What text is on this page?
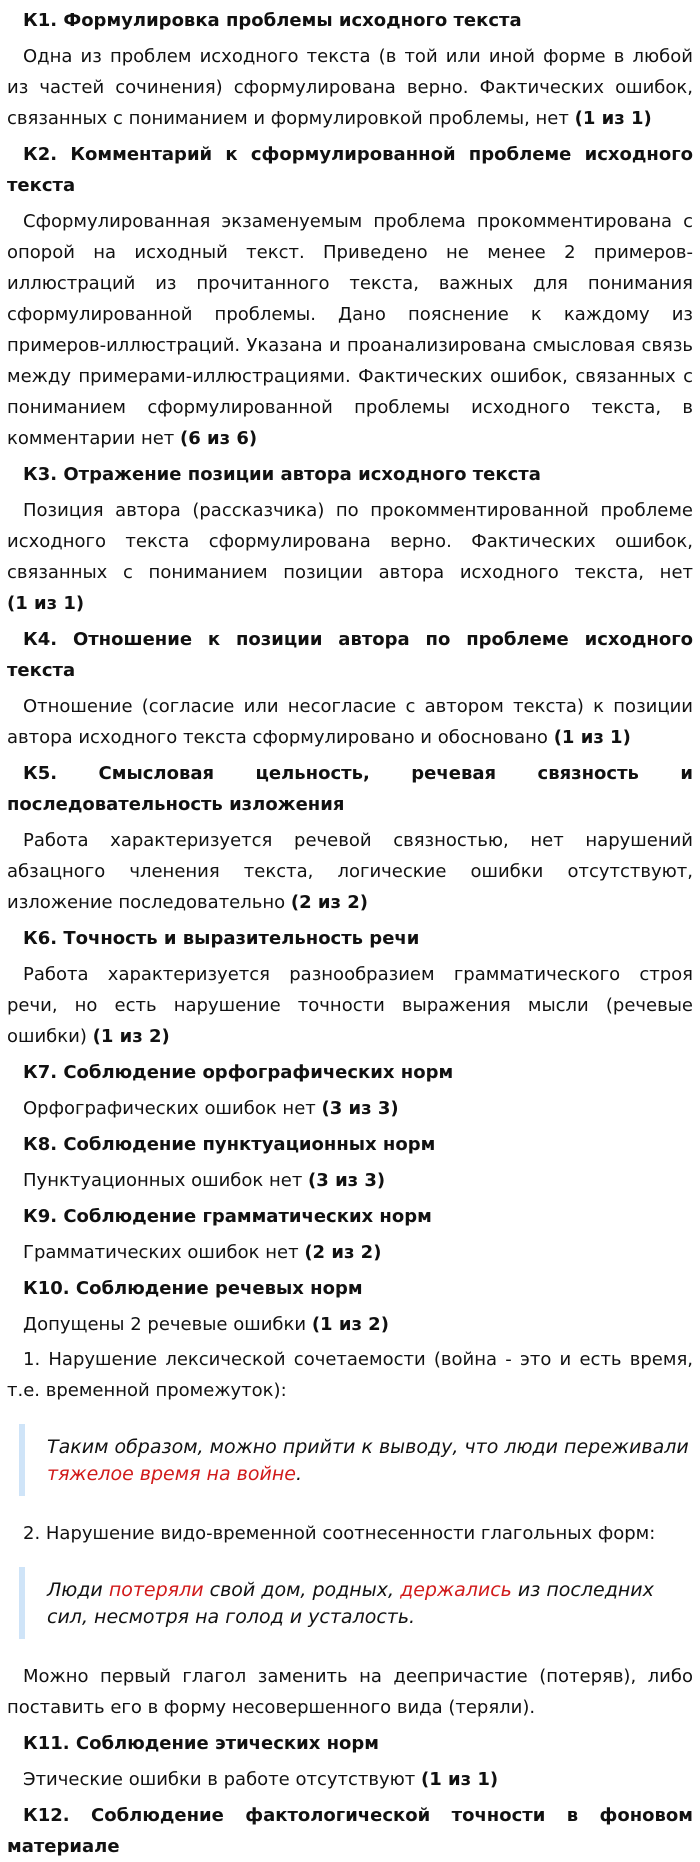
К1. Формулировка проблемы исходного текста
Одна из проблем исходного текста (в той или иной форме в любой из частей сочинения) сформулирована верно. Фактических ошибок, связанных с пониманием и формулировкой проблемы, нет (1 из 1)
К2. Комментарий к сформулированной проблеме исходного текста
Сформулированная экзаменуемым проблема прокомментирована с опорой на исходный текст. Приведено не менее 2 примеров-иллюстраций из прочитанного текста, важных для понимания сформулированной проблемы. Дано пояснение к каждому из примеров-иллюстраций. Указана и проанализирована смысловая связь между примерами-иллюстрациями. Фактических ошибок, связанных с пониманием сформулированной проблемы исходного текста, в комментарии нет (6 из 6)
К3. Отражение позиции автора исходного текста
Позиция автора (рассказчика) по прокомментированной проблеме исходного текста сформулирована верно. Фактических ошибок, связанных с пониманием позиции автора исходного текста, нет (1 из 1)
К4. Отношение к позиции автора по проблеме исходного текста
Отношение (согласие или несогласие с автором текста) к позиции автора исходного текста сформулировано и обосновано (1 из 1)
К5. Смысловая цельность, речевая связность и последовательность изложения
Работа характеризуется речевой связностью, нет нарушений абзацного членения текста, логические ошибки отсутствуют, изложение последовательно (2 из 2)
К6. Точность и выразительность речи
Работа характеризуется разнообразием грамматического строя речи, но есть нарушение точности выражения мысли (речевые ошибки) (1 из 2)
К7. Соблюдение орфографических норм
Орфографических ошибок нет (3 из 3)
К8. Соблюдение пунктуационных норм
Пунктуационных ошибок нет (3 из 3)
К9. Соблюдение грамматических норм
Грамматических ошибок нет (2 из 2)
К10. Соблюдение речевых норм
Допущены 2 речевые ошибки (1 из 2)
1. Нарушение лексической сочетаемости (война - это и есть время, т.е. временной промежуток):
Таким образом, можно прийти к выводу, что люди переживали тяжелое время на войне.
2. Нарушение видо-временной соотнесенности глагольных форм:
Люди потеряли свой дом, родных, держались из последних сил, несмотря на голод и усталость.
Можно первый глагол заменить на деепричастие (потеряв), либо поставить его в форму несовершенного вида (теряли).
К11. Соблюдение этических норм
Этические ошибки в работе отсутствуют (1 из 1)
К12. Соблюдение фактологической точности в фоновом материале
